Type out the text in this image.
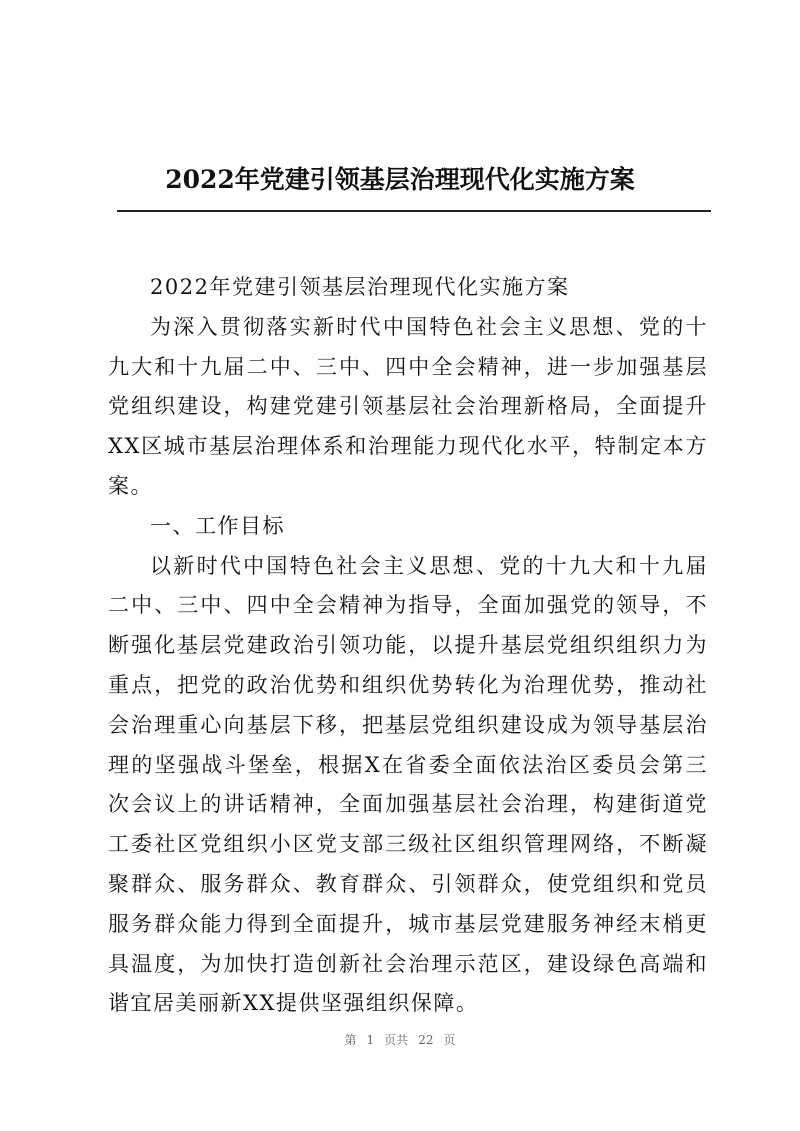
2022年党建引领基层治理现代化实施方案

2022年党建引领基层治理现代化实施方案

为深入贯彻落实新时代中国特色社会主义思想、党的十九大和十九届二中、三中、四中全会精神，进一步加强基层党组织建设，构建党建引领基层社会治理新格局，全面提升XX区城市基层治理体系和治理能力现代化水平，特制定本方案。

一、工作目标

以新时代中国特色社会主义思想、党的十九大和十九届二中、三中、四中全会精神为指导，全面加强党的领导，不断强化基层党建政治引领功能，以提升基层党组织组织力为重点，把党的政治优势和组织优势转化为治理优势，推动社会治理重心向基层下移，把基层党组织建设成为领导基层治理的坚强战斗堡垒，根据X在省委全面依法治区委员会第三次会议上的讲话精神，全面加强基层社会治理，构建街道党工委社区党组织小区党支部三级社区组织管理网络，不断凝聚群众、服务群众、教育群众、引领群众，使党组织和党员服务群众能力得到全面提升，城市基层党建服务神经末梢更具温度，为加快打造创新社会治理示范区，建设绿色高端和谐宜居美丽新XX提供坚强组织保障。

第 1 页共 22 页
